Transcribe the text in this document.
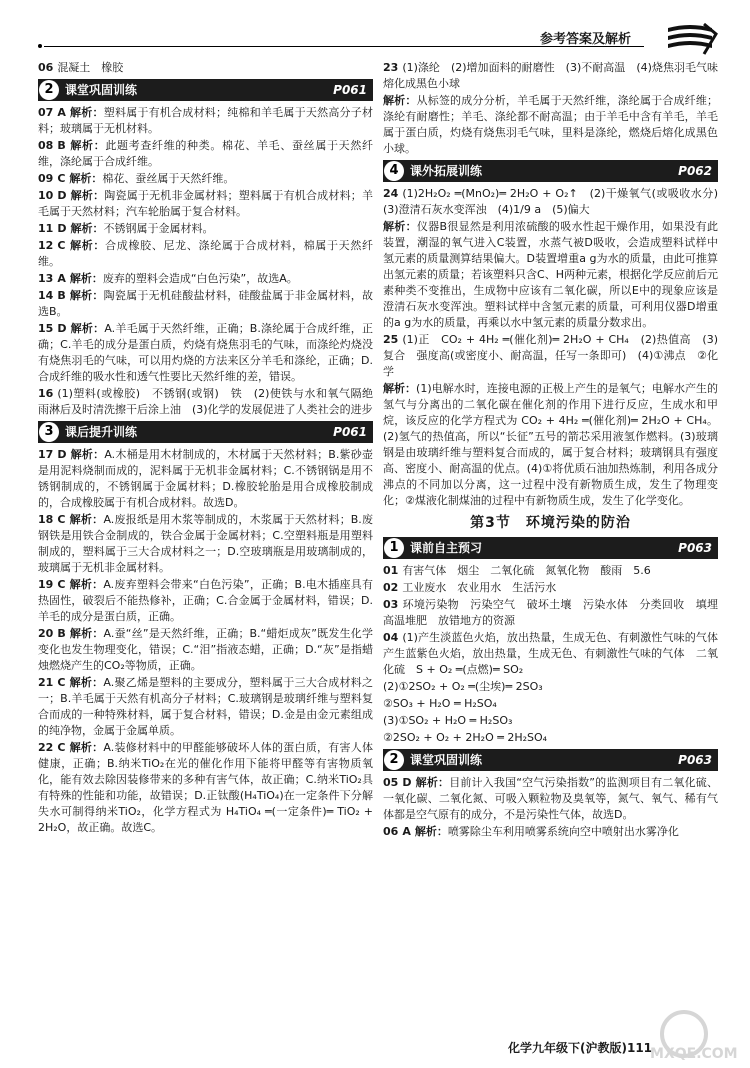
参考答案及解析
06 混凝土　橡胶
2 课堂巩固训练	P061
07 A 解析：塑料属于有机合成材料；纯棉和羊毛属于天然高分子材料；玻璃属于无机材料。
08 B 解析：此题考查纤维的种类。棉花、羊毛、蚕丝属于天然纤维，涤纶属于合成纤维。
09 C 解析：棉花、蚕丝属于天然纤维。
10 D 解析：陶瓷属于无机非金属材料；塑料属于有机合成材料；羊毛属于天然材料；汽车轮胎属于复合材料。
11 D 解析：不锈钢属于金属材料。
12 C 解析：合成橡胶、尼龙、涤纶属于合成材料，棉属于天然纤维。
13 A 解析：废弃的塑料会造成“白色污染”，故选A。
14 B 解析：陶瓷属于无机硅酸盐材料，硅酸盐属于非金属材料，故选B。
15 D 解析：A.羊毛属于天然纤维，正确；B.涤纶属于合成纤维，正确；C.羊毛的成分是蛋白质，灼烧有烧焦羽毛的气味，而涤纶灼烧没有烧焦羽毛的气味，可以用灼烧的方法来区分羊毛和涤纶，正确；D.合成纤维的吸水性和透气性要比天然纤维的差，错误。
16 (1)塑料(或橡胶)　不锈钢(或钢)　铁　(2)使铁与水和氧气隔绝　雨淋后及时清洗擦干后涂上油　(3)化学的发展促进了人类社会的进步
3 课后提升训练	P061
17 D 解析：A.木桶是用木材制成的，木材属于天然材料；B.紫砂壶是用泥料烧制而成的，泥料属于无机非金属材料；C.不锈钢锅是用不锈钢制成的，不锈钢属于金属材料；D.橡胶轮胎是用合成橡胶制成的，合成橡胶属于有机合成材料。故选D。
18 C 解析：A.废报纸是用木浆等制成的，木浆属于天然材料；B.废钢铁是用铁合金制成的，铁合金属于金属材料；C.空塑料瓶是用塑料制成的，塑料属于三大合成材料之一；D.空玻璃瓶是用玻璃制成的，玻璃属于无机非金属材料。
19 C 解析：A.废弃塑料会带来“白色污染”，正确；B.电木插座具有热固性，破裂后不能热修补，正确；C.合金属于金属材料，错误；D.羊毛的成分是蛋白质，正确。
20 B 解析：A.蚕“丝”是天然纤维，正确；B.“蜡炬成灰”既发生化学变化也发生物理变化，错误；C.“泪”指液态蜡，正确；D.“灰”是指蜡烛燃烧产生的CO₂等物质，正确。
21 C 解析：A.聚乙烯是塑料的主要成分，塑料属于三大合成材料之一；B.羊毛属于天然有机高分子材料；C.玻璃钢是玻璃纤维与塑料复合而成的一种特殊材料，属于复合材料，错误；D.金是由金元素组成的纯净物，金属于金属单质。
22 C 解析：A.装修材料中的甲醛能够破坏人体的蛋白质，有害人体健康，正确；B.纳米TiO₂在光的催化作用下能将甲醛等有害物质氧化，能有效去除因装修带来的多种有害气体，故正确；C.纳米TiO₂具有特殊的性能和功能，故错误；D.正钛酸(H₄TiO₄)在一定条件下分解失水可制得纳米TiO₂，化学方程式为 H₄TiO₄ ═(一定条件)═ TiO₂ + 2H₂O，故正确。故选C。
23 (1)涤纶　(2)增加面料的耐磨性　(3)不耐高温　(4)烧焦羽毛气味　熔化成黑色小球
解析：从标签的成分分析，羊毛属于天然纤维，涤纶属于合成纤维；涤纶有耐磨性；羊毛、涤纶都不耐高温；由于羊毛中含有羊毛，羊毛属于蛋白质，灼烧有烧焦羽毛气味，里料是涤纶，燃烧后熔化成黑色小球。
4 课外拓展训练	P062
24 (1)2H₂O₂ ═(MnO₂)═ 2H₂O + O₂↑　(2)干燥氧气(或吸收水分)　(3)澄清石灰水变浑浊　(4)1/9 a　(5)偏大
解析：仪器B很显然是利用浓硫酸的吸水性起干燥作用，如果没有此装置，潮湿的氧气进入C装置，水蒸气被D吸收，会造成塑料试样中氢元素的质量测算结果偏大。D装置增重a g为水的质量，由此可推算出氢元素的质量；若该塑料只含C、H两种元素，根据化学反应前后元素种类不变推出，生成物中应该有二氧化碳，所以E中的现象应该是澄清石灰水变浑浊。塑料试样中含氢元素的质量，可利用仪器D增重的a g为水的质量，再乘以水中氢元素的质量分数求出。
25 (1)正　CO₂ + 4H₂ ═(催化剂)═ 2H₂O + CH₄　(2)热值高　(3)复合　强度高(或密度小、耐高温，任写一条即可)　(4)①沸点　②化学
解析：(1)电解水时，连接电源的正极上产生的是氧气；电解水产生的氢气与分离出的二氧化碳在催化剂的作用下进行反应，生成水和甲烷，该反应的化学方程式为 CO₂ + 4H₂ ═(催化剂)═ 2H₂O + CH₄。(2)氢气的热值高，所以“长征”五号的箭芯采用液氢作燃料。(3)玻璃钢是由玻璃纤维与塑料复合而成的，属于复合材料；玻璃钢具有强度高、密度小、耐高温的优点。(4)①将优质石油加热炼制，利用各成分沸点的不同加以分离，这一过程中没有新物质生成，发生了物理变化；②煤液化制煤油的过程中有新物质生成，发生了化学变化。
第3节　环境污染的防治
1 课前自主预习	P063
01 有害气体　烟尘　二氧化硫　氮氧化物　酸雨　5.6
02 工业废水　农业用水　生活污水
03 环境污染物　污染空气　破坏土壤　污染水体　分类回收　填埋　高温堆肥　放错地方的资源
04 (1)产生淡蓝色火焰，放出热量，生成无色、有刺激性气味的气体　产生蓝紫色火焰，放出热量，生成无色、有刺激性气味的气体　二氧化硫　S + O₂ ═(点燃)═ SO₂
(2)①2SO₂ + O₂ ═(尘埃)═ 2SO₃
②SO₃ + H₂O ═ H₂SO₄
(3)①SO₂ + H₂O ═ H₂SO₃
②2SO₂ + O₂ + 2H₂O ═ 2H₂SO₄
2 课堂巩固训练	P063
05 D 解析：目前计入我国“空气污染指数”的监测项目有二氧化硫、一氧化碳、二氧化氮、可吸入颗粒物及臭氧等，氮气、氧气、稀有气体都是空气原有的成分，不是污染性气体，故选D。
06 A 解析：喷雾除尘车利用喷雾系统向空中喷射出水雾净化
化学九年级下(沪教版)111
MXQE.COM
